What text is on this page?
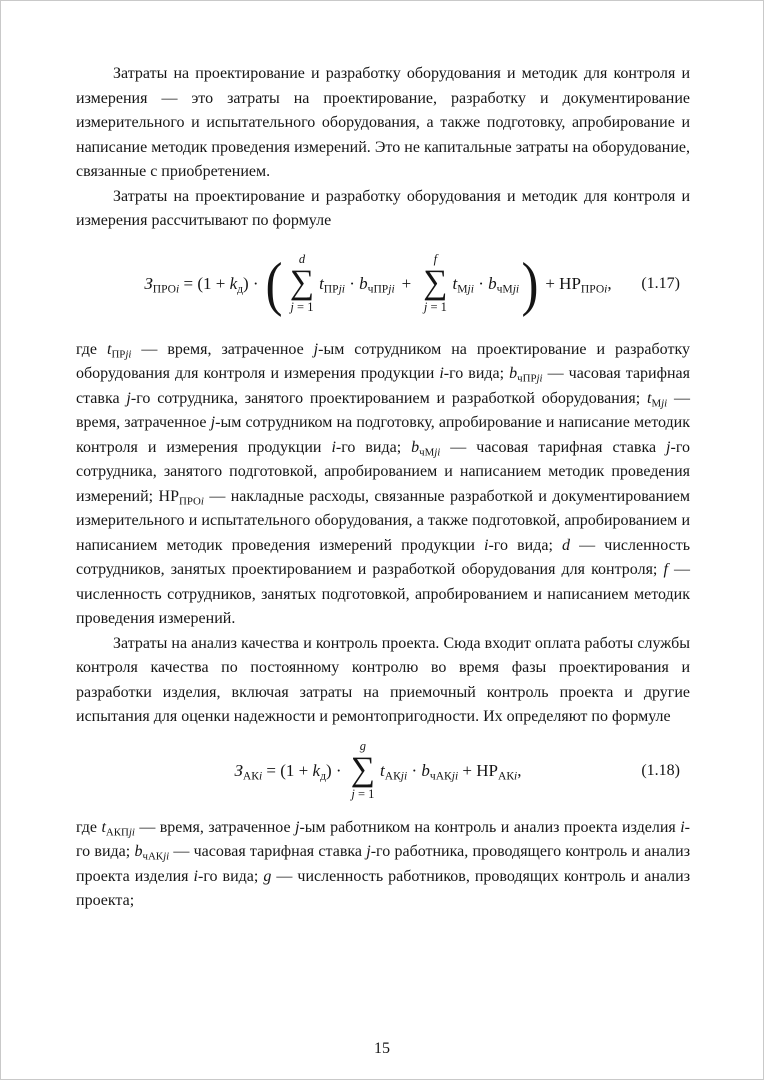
Затраты на проектирование и разработку оборудования и методик для контроля и измерения — это затраты на проектирование, разработку и документирование измерительного и испытательного оборудования, а также подготовку, апробирование и написание методик проведения измерений. Это не капитальные затраты на оборудование, связанные с приобретением.

Затраты на проектирование и разработку оборудования и методик для контроля и измерения рассчитывают по формуле

$З_{ПРОi} = (1 + k_д)$ · ( d
∑
j = 1
$t_{ПРji} \cdot b_{чПРji}$ +
f
∑
j = 1
$t_{Мji} \cdot b_{чМji}$ ) + $НР_{ПРОi}$, (1.17)

где $t_{ПРji}$ — время, затраченное j-ым сотрудником на проектирование и разработку оборудования для контроля и измерения продукции i-го вида; $b_{чПРji}$ — часовая тарифная ставка j-го сотрудника, занятого проектированием и разработкой оборудования; $t_{Мji}$ — время, затраченное j-ым сотрудником на подготовку, апробирование и написание методик контроля и измерения продукции i-го вида; $b_{чМji}$ — часовая тарифная ставка j-го сотрудника, занятого подготовкой, апробированием и написанием методик проведения измерений; $НР_{ПРОi}$ — накладные расходы, связанные разработкой и документированием измерительного и испытательного оборудования, а также подготовкой, апробированием и написанием методик проведения измерений продукции i-го вида; d — численность сотрудников, занятых проектированием и разработкой оборудования для контроля; f — численность сотрудников, занятых подготовкой, апробированием и написанием методик проведения измерений.

Затраты на анализ качества и контроль проекта. Сюда входит оплата работы службы контроля качества по постоянному контролю во время фазы проектирования и разработки изделия, включая затраты на приемочный контроль проекта и другие испытания для оценки надежности и ремонтопригодности. Их определяют по формуле

$З_{АКi} = (1 + k_д)$ ·
g
∑
j = 1
$t_{АКji} \cdot b_{чАКji} + НР_{АКi}$,	(1.18)

где $t_{АКПji}$ — время, затраченное j-ым работником на контроль и анализ проекта изделия i-го вида; $b_{чАКji}$ — часовая тарифная ставка j-го работника, проводящего контроль и анализ проекта изделия i-го вида; g — численность работников, проводящих контроль и анализ проекта;

15
